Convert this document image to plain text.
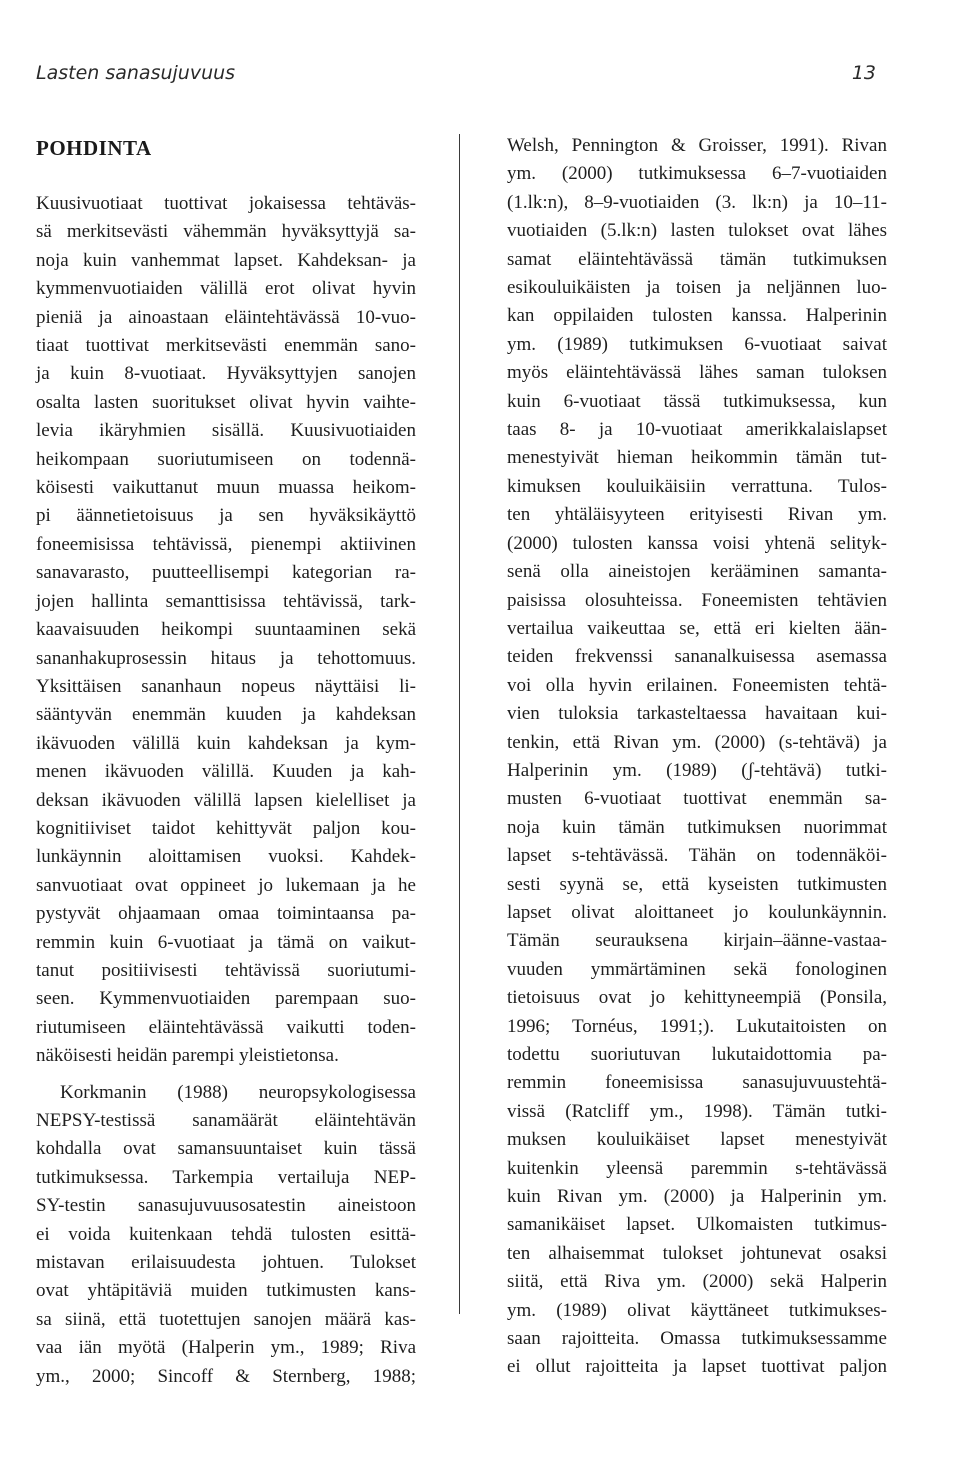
Lasten sanasujuvuus	13
POHDINTA
Kuusivuotiaat tuottivat jokaisessa tehtäväs-
sä merkitsevästi vähemmän hyväksyttyjä sa-
noja kuin vanhemmat lapset. Kahdeksan- ja
kymmenvuotiaiden välillä erot olivat hyvin
pieniä ja ainoastaan eläintehtävässä 10-vuo-
tiaat tuottivat merkitsevästi enemmän sano-
ja kuin 8-vuotiaat. Hyväksyttyjen sanojen
osalta lasten suoritukset olivat hyvin vaihte-
levia ikäryhmien sisällä. Kuusivuotiaiden
heikompaan suoriutumiseen on todennä-
köisesti vaikuttanut muun muassa heikom-
pi äännetietoisuus ja sen hyväksikäyttö
foneemisissa tehtävissä, pienempi aktiivinen
sanavarasto, puutteellisempi kategorian ra-
jojen hallinta semanttisissa tehtävissä, tark-
kaavaisuuden heikompi suuntaaminen sekä
sananhakuprosessin hitaus ja tehottomuus.
Yksittäisen sananhaun nopeus näyttäisi li-
sääntyvän enemmän kuuden ja kahdeksan
ikävuoden välillä kuin kahdeksan ja kym-
menen ikävuoden välillä. Kuuden ja kah-
deksan ikävuoden välillä lapsen kielelliset ja
kognitiiviset taidot kehittyvät paljon kou-
lunkäynnin aloittamisen vuoksi. Kahdek-
sanvuotiaat ovat oppineet jo lukemaan ja he
pystyvät ohjaamaan omaa toimintaansa pa-
remmin kuin 6-vuotiaat ja tämä on vaikut-
tanut positiivisesti tehtävissä suoriutumi-
seen. Kymmenvuotiaiden parempaan suo-
riutumiseen eläintehtävässä vaikutti toden-
näköisesti heidän parempi yleistietonsa.
Korkmanin (1988) neuropsykologisessa
NEPSY-testissä sanamäärät eläintehtävän
kohdalla ovat samansuuntaiset kuin tässä
tutkimuksessa. Tarkempia vertailuja NEP-
SY-testin sanasujuvuusosatestin aineistoon
ei voida kuitenkaan tehdä tulosten esittä-
mistavan erilaisuudesta johtuen. Tulokset
ovat yhtäpitäviä muiden tutkimusten kans-
sa siinä, että tuotettujen sanojen määrä kas-
vaa iän myötä (Halperin ym., 1989; Riva
ym., 2000; Sincoff & Sternberg, 1988;
Welsh, Pennington & Groisser, 1991). Rivan
ym. (2000) tutkimuksessa 6–7-vuotiaiden
(1.lk:n), 8–9-vuotiaiden (3. lk:n) ja 10–11-
vuotiaiden (5.lk:n) lasten tulokset ovat lähes
samat eläintehtävässä tämän tutkimuksen
esikouluikäisten ja toisen ja neljännen luo-
kan oppilaiden tulosten kanssa. Halperinin
ym. (1989) tutkimuksen 6-vuotiaat saivat
myös eläintehtävässä lähes saman tuloksen
kuin 6-vuotiaat tässä tutkimuksessa, kun
taas 8- ja 10-vuotiaat amerikkalaislapset
menestyivät hieman heikommin tämän tut-
kimuksen kouluikäisiin verrattuna. Tulos-
ten yhtäläisyyteen erityisesti Rivan ym.
(2000) tulosten kanssa voisi yhtenä selityk-
senä olla aineistojen kerääminen samanta-
paisissa olosuhteissa. Foneemisten tehtävien
vertailua vaikeuttaa se, että eri kielten ään-
teiden frekvenssi sananalkuisessa asemassa
voi olla hyvin erilainen. Foneemisten tehtä-
vien tuloksia tarkasteltaessa havaitaan kui-
tenkin, että Rivan ym. (2000) (s-tehtävä) ja
Halperinin ym. (1989) (ʃ-tehtävä) tutki-
musten 6-vuotiaat tuottivat enemmän sa-
noja kuin tämän tutkimuksen nuorimmat
lapset s-tehtävässä. Tähän on todennäköi-
sesti syynä se, että kyseisten tutkimusten
lapset olivat aloittaneet jo koulunkäynnin.
Tämän seurauksena kirjain–äänne-vastaa-
vuuden ymmärtäminen sekä fonologinen
tietoisuus ovat jo kehittyneempiä (Ponsila,
1996; Tornéus, 1991;). Lukutaitoisten on
todettu suoriutuvan lukutaidottomia pa-
remmin foneemisissa sanasujuvuustehtä-
vissä (Ratcliff ym., 1998). Tämän tutki-
muksen kouluikäiset lapset menestyivät
kuitenkin yleensä paremmin s-tehtävässä
kuin Rivan ym. (2000) ja Halperinin ym.
samanikäiset lapset. Ulkomaisten tutkimus-
ten alhaisemmat tulokset johtunevat osaksi
siitä, että Riva ym. (2000) sekä Halperin
ym. (1989) olivat käyttäneet tutkimukses-
saan rajoitteita. Omassa tutkimuksessamme
ei ollut rajoitteita ja lapset tuottivat paljon
